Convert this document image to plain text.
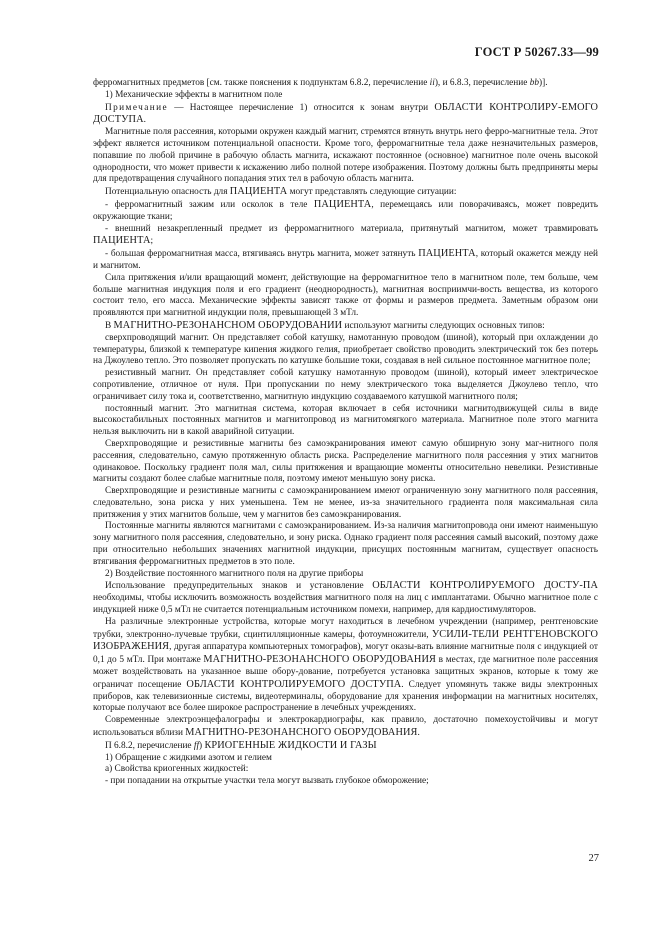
ГОСТ Р 50267.33—99

ферромагнитных предметов [см. также пояснения к подпунктам 6.8.2, перечисление ii), и 6.8.3, перечисление bb)].

1) Механические эффекты в магнитном поле

Примечание — Настоящее перечисление 1) относится к зонам внутри ОБЛАСТИ КОНТРОЛИРУ-ЕМОГО ДОСТУПА.

Магнитные поля рассеяния, которыми окружен каждый магнит, стремятся втянуть внутрь него ферро-магнитные тела. Этот эффект является источником потенциальной опасности. Кроме того, ферромагнитные тела даже незначительных размеров, попавшие по любой причине в рабочую область магнита, искажают постоянное (основное) магнитное поле очень высокой однородности, что может привести к искажению либо полной потере изображения. Поэтому должны быть предприняты меры для предотвращения случайного попадания этих тел в рабочую область магнита.

Потенциальную опасность для ПАЦИЕНТА могут представлять следующие ситуации:

- ферромагнитный зажим или осколок в теле ПАЦИЕНТА, перемещаясь или поворачиваясь, может повредить окружающие ткани;

- внешний незакрепленный предмет из ферромагнитного материала, притянутый магнитом, может травмировать ПАЦИЕНТА;

- большая ферромагнитная масса, втягиваясь внутрь магнита, может затянуть ПАЦИЕНТА, который окажется между ней и магнитом.

Сила притяжения и/или вращающий момент, действующие на ферромагнитное тело в магнитном поле, тем больше, чем больше магнитная индукция поля и его градиент (неоднородность), магнитная восприимчи-вость вещества, из которого состоит тело, его масса. Механические эффекты зависят также от формы и размеров предмета. Заметным образом они проявляются при магнитной индукции поля, превышающей 3 мТл.

В МАГНИТНО-РЕЗОНАНСНОМ ОБОРУДОВАНИИ используют магниты следующих основных типов:

сверхпроводящий магнит. Он представляет собой катушку, намотанную проводом (шиной), который при охлаждении до температуры, близкой к температуре кипения жидкого гелия, приобретает свойство проводить электрический ток без потерь на Джоулево тепло. Это позволяет пропускать по катушке большие токи, создавая в ней сильное постоянное магнитное поле;

резистивный магнит. Он представляет собой катушку намотанную проводом (шиной), который имеет электрическое сопротивление, отличное от нуля. При пропускании по нему электрического тока выделяется Джоулево тепло, что ограничивает силу тока и, соответственно, магнитную индукцию создаваемого катушкой магнитного поля;

постоянный магнит. Это магнитная система, которая включает в себя источники магнитодвижущей силы в виде высокостабильных постоянных магнитов и магнитопровод из магнитомягкого материала. Магнитное поле этого магнита нельзя выключить ни в какой аварийной ситуации.

Сверхпроводящие и резистивные магниты без самоэкранирования имеют самую обширную зону маг-нитного поля рассеяния, следовательно, самую протяженную область риска. Распределение магнитного поля рассеяния у этих магнитов одинаковое. Поскольку градиент поля мал, силы притяжения и вращающие моменты относительно невелики. Резистивные магниты создают более слабые магнитные поля, поэтому имеют меньшую зону риска.

Сверхпроводящие и резистивные магниты с самоэкранированием имеют ограниченную зону магнитного поля рассеяния, следовательно, зона риска у них уменьшена. Тем не менее, из-за значительного градиента поля максимальная сила притяжения у этих магнитов больше, чем у магнитов без самоэкранирования.

Постоянные магниты являются магнитами с самоэкранированием. Из-за наличия магнитопровода они имеют наименьшую зону магнитного поля рассеяния, следовательно, и зону риска. Однако градиент поля рассеяния самый высокий, поэтому даже при относительно небольших значениях магнитной индукции, присущих постоянным магнитам, существует опасность втягивания ферромагнитных предметов в это поле.

2) Воздействие постоянного магнитного поля на другие приборы

Использование предупредительных знаков и установление ОБЛАСТИ КОНТРОЛИРУЕМОГО ДОСТУ-ПА необходимы, чтобы исключить возможность воздействия магнитного поля на лиц с имплантатами. Обычно магнитное поле с индукцией ниже 0,5 мТл не считается потенциальным источником помехи, например, для кардиостимуляторов.

На различные электронные устройства, которые могут находиться в лечебном учреждении (например, рентгеновские трубки, электронно-лучевые трубки, сцинтилляционные камеры, фотоумножители, УСИЛИ-ТЕЛИ РЕНТГЕНОВСКОГО ИЗОБРАЖЕНИЯ, другая аппаратура компьютерных томографов), могут оказы-вать влияние магнитные поля с индукцией от 0,1 до 5 мТл. При монтаже МАГНИТНО-РЕЗОНАНСНОГО ОБОРУДОВАНИЯ в местах, где магнитное поле рассеяния может воздействовать на указанное выше обору-дование, потребуется установка защитных экранов, которые к тому же ограничат посещение ОБЛАСТИ КОНТРОЛИРУЕМОГО ДОСТУПА. Следует упомянуть также виды электронных приборов, как телевизионные системы, видеотерминалы, оборудование для хранения информации на магнитных носителях, которые получают все более широкое распространение в лечебных учреждениях.

Современные электроэнцефалографы и электрокардиографы, как правило, достаточно помехоустойчивы и могут использоваться вблизи МАГНИТНО-РЕЗОНАНСНОГО ОБОРУДОВАНИЯ.

П 6.8.2, перечисление ff) КРИОГЕННЫЕ ЖИДКОСТИ И ГАЗЫ

1) Обращение с жидкими азотом и гелием

а) Свойства криогенных жидкостей:

- при попадании на открытые участки тела могут вызвать глубокое обморожение;

27
